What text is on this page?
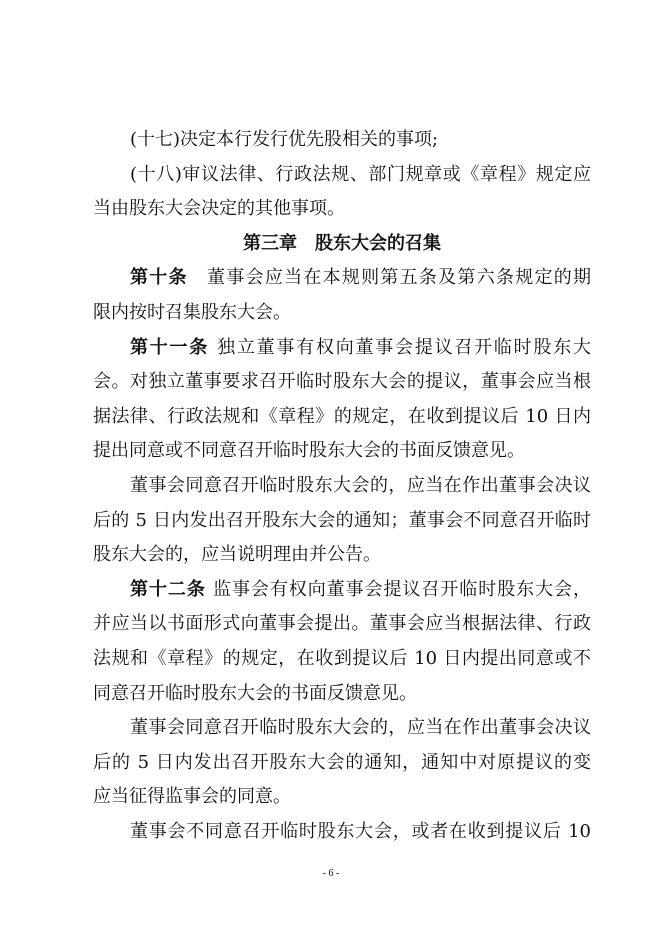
(十七)决定本行发行优先股相关的事项;
(十八)审议法律、行政法规、部门规章或《章程》规定应
当由股东大会决定的其他事项。
第三章　股东大会的召集
第十条　董事会应当在本规则第五条及第六条规定的期
限内按时召集股东大会。
第十一条 独立董事有权向董事会提议召开临时股东大
会。对独立董事要求召开临时股东大会的提议，董事会应当根
据法律、行政法规和《章程》的规定，在收到提议后 10 日内
提出同意或不同意召开临时股东大会的书面反馈意见。
董事会同意召开临时股东大会的，应当在作出董事会决议
后的 5 日内发出召开股东大会的通知；董事会不同意召开临时
股东大会的，应当说明理由并公告。
第十二条 监事会有权向董事会提议召开临时股东大会，
并应当以书面形式向董事会提出。董事会应当根据法律、行政
法规和《章程》的规定，在收到提议后 10 日内提出同意或不
同意召开临时股东大会的书面反馈意见。
董事会同意召开临时股东大会的，应当在作出董事会决议
后的 5 日内发出召开股东大会的通知，通知中对原提议的变
应当征得监事会的同意。
董事会不同意召开临时股东大会，或者在收到提议后 10
- 6 -
